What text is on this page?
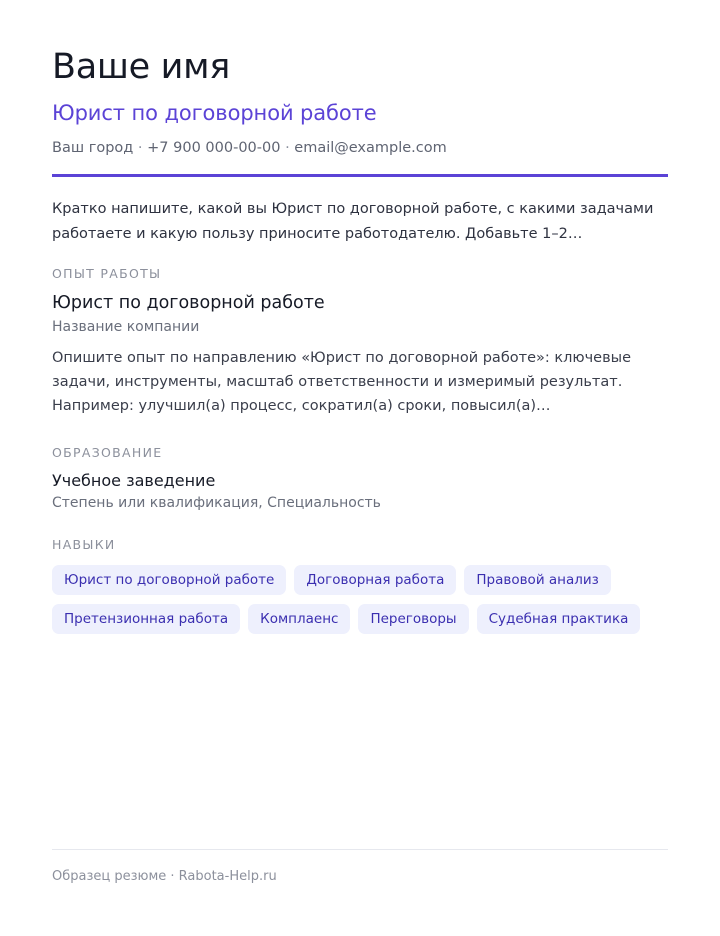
Ваше имя
Юрист по договорной работе
Ваш город · +7 900 000-00-00 · email@example.com
Кратко напишите, какой вы Юрист по договорной работе, с какими задачами работаете и какую пользу приносите работодателю. Добавьте 1–2…
ОПЫТ РАБОТЫ
Юрист по договорной работе
Название компании
Опишите опыт по направлению «Юрист по договорной работе»: ключевые задачи, инструменты, масштаб ответственности и измеримый результат. Например: улучшил(а) процесс, сократил(а) сроки, повысил(а)…
ОБРАЗОВАНИЕ
Учебное заведение
Степень или квалификация, Специальность
НАВЫКИ
Юрист по договорной работе	Договорная работа	Правовой анализ
Претензионная работа	Комплаенс	Переговоры	Судебная практика
Образец резюме · Rabota-Help.ru
